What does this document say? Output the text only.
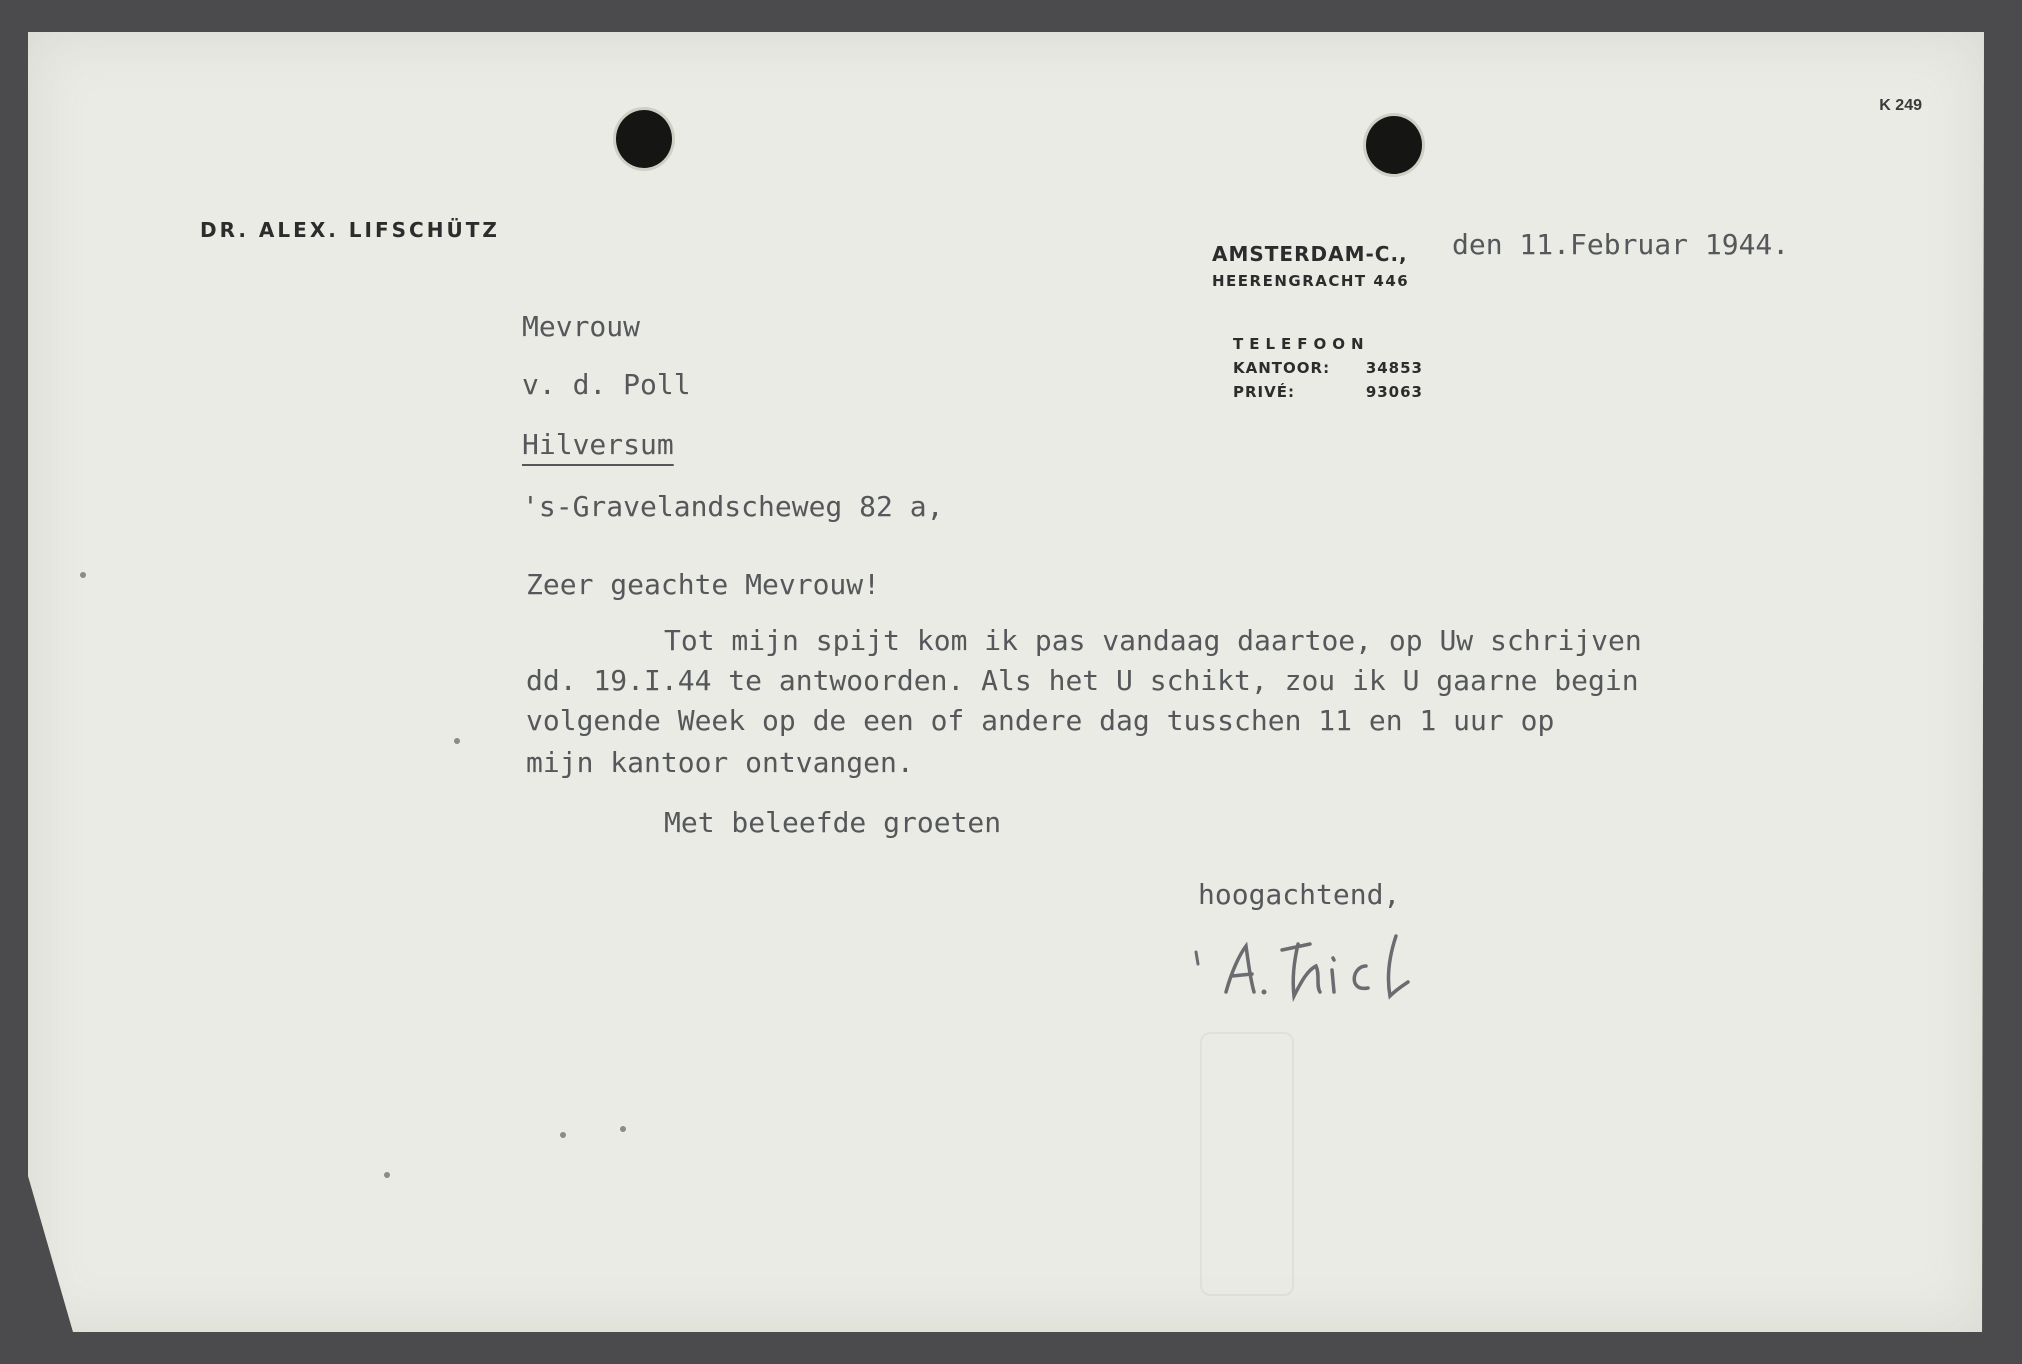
K 249
DR. ALEX. LIFSCHÜTZ
AMSTERDAM-C.,
HEERENGRACHT 446
TELEFOON
KANTOOR: 34853
PRIVÉ:	93063
den 11.Februar 1944.
Mevrouw
v. d. Poll
Hilversum
's-Gravelandscheweg 82 a,
Zeer geachte Mevrouw!
Tot mijn spijt kom ik pas vandaag daartoe, op Uw schrijven
dd. 19.I.44 te antwoorden. Als het U schikt, zou ik U gaarne begin
volgende Week op de een of andere dag tusschen 11 en 1 uur op
mijn kantoor ontvangen.
Met beleefde groeten
hoogachtend,
